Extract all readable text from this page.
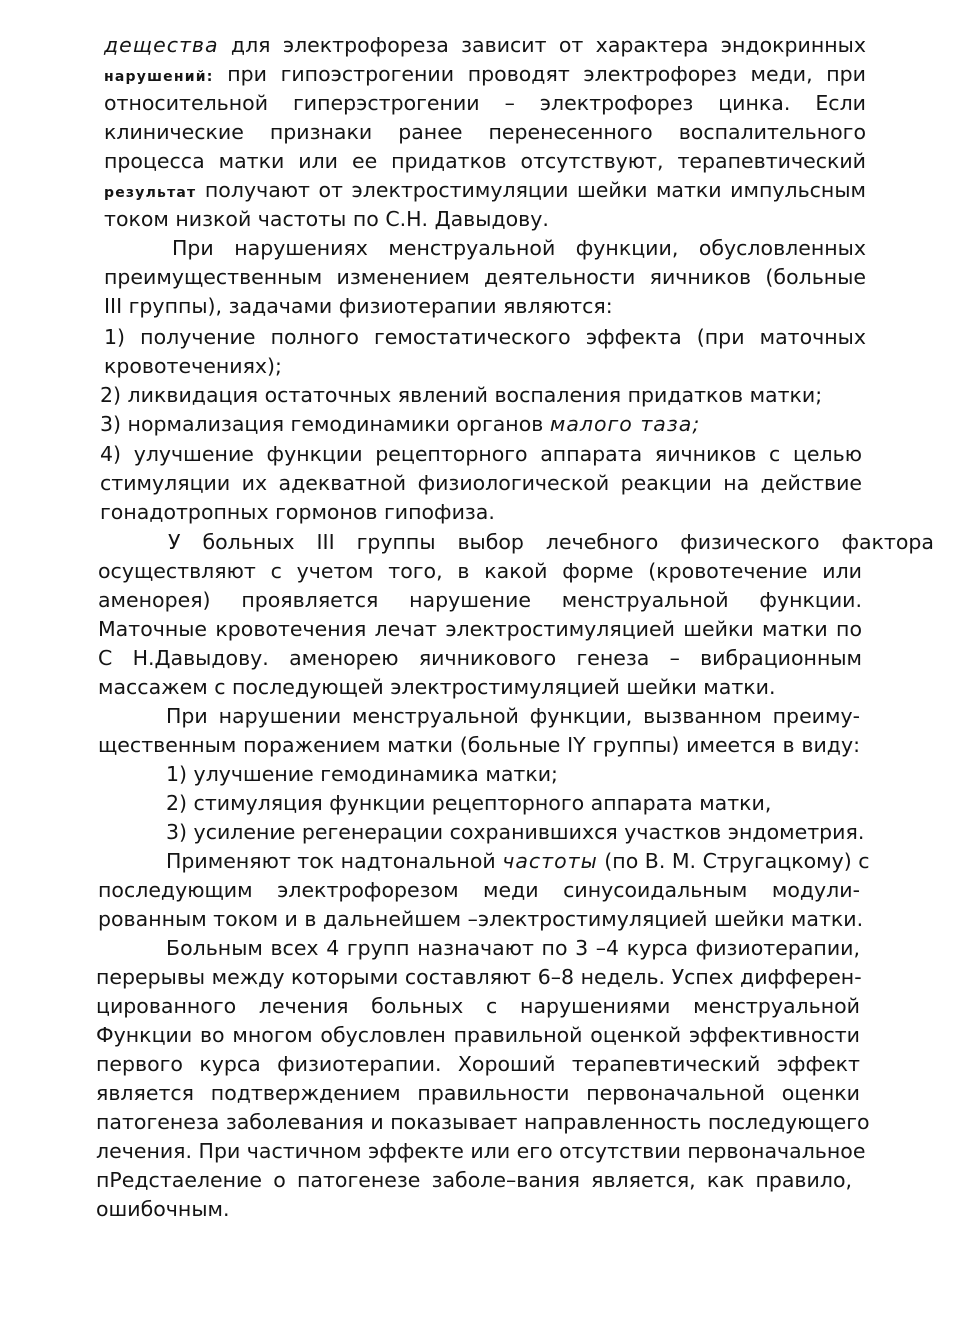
дещества для электрофореза зависит от характера эндокринных
нарушений: при гипоэстрогении проводят электрофорез меди, при
относительной гиперэстрогении – электрофорез цинка. Если
клинические признаки ранее перенесенного воспалительного
процесса матки или ее придатков отсутствуют, терапевтический
результат получают от электростимуляции шейки матки импульсным
током низкой частоты по С.Н. Давыдову.
При нарушениях менструальной функции, обусловленных
преимущественным изменением деятельности яичников (больные
III группы), задачами физиотерапии являются:
1) получение полного гемостатического эффекта (при маточных
кровотечениях);
2) ликвидация остаточных явлений воспаления придатков матки;
3) нормализация гемодинамики органов малого таза;
4) улучшение функции рецепторного аппарата яичников с целью
стимуляции их адекватной физиологической реакции на действие
гонадотропных гормонов гипофиза.
У больных III группы выбор лечебного физического фактора
осуществляют с учетом того, в какой форме (кровотечение или
аменорея) проявляется нарушение менструальной функции.
Маточные кровотечения лечат электростимуляцией шейки матки по
С Н.Давыдову. аменорею яичникового генеза – вибрационным
массажем с последующей электростимуляцией шейки матки.
При нарушении менструальной функции, вызванном преиму-
щественным поражением матки (больные IY группы) имеется в виду:
1) улучшение гемодинамика матки;
2) стимуляция функции рецепторного аппарата матки,
3) усиление регенерации сохранившихся участков эндометрия.
Применяют ток надтональной частоты (по В. М. Стругацкому) с
последующим электрофорезом меди синусоидальным модули-
рованным током и в дальнейшем –электростимуляцией шейки матки.
Больным всех 4 групп назначают по 3 –4 курса физиотерапии,
перерывы между которыми составляют 6–8 недель. Успех дифферен-
цированного лечения больных с нарушениями менструальной
Функции во многом обусловлен правильной оценкой эффективности
первого курса физиотерапии. Хороший терапевтический эффект
является подтверждением правильности первоначальной оценки
патогенеза заболевания и показывает направленность последующего
лечения. При частичном эффекте или его отсутствии первоначальное
пРедстаеление о патогенезе заболе–вания является, как правило,
ошибочным.
